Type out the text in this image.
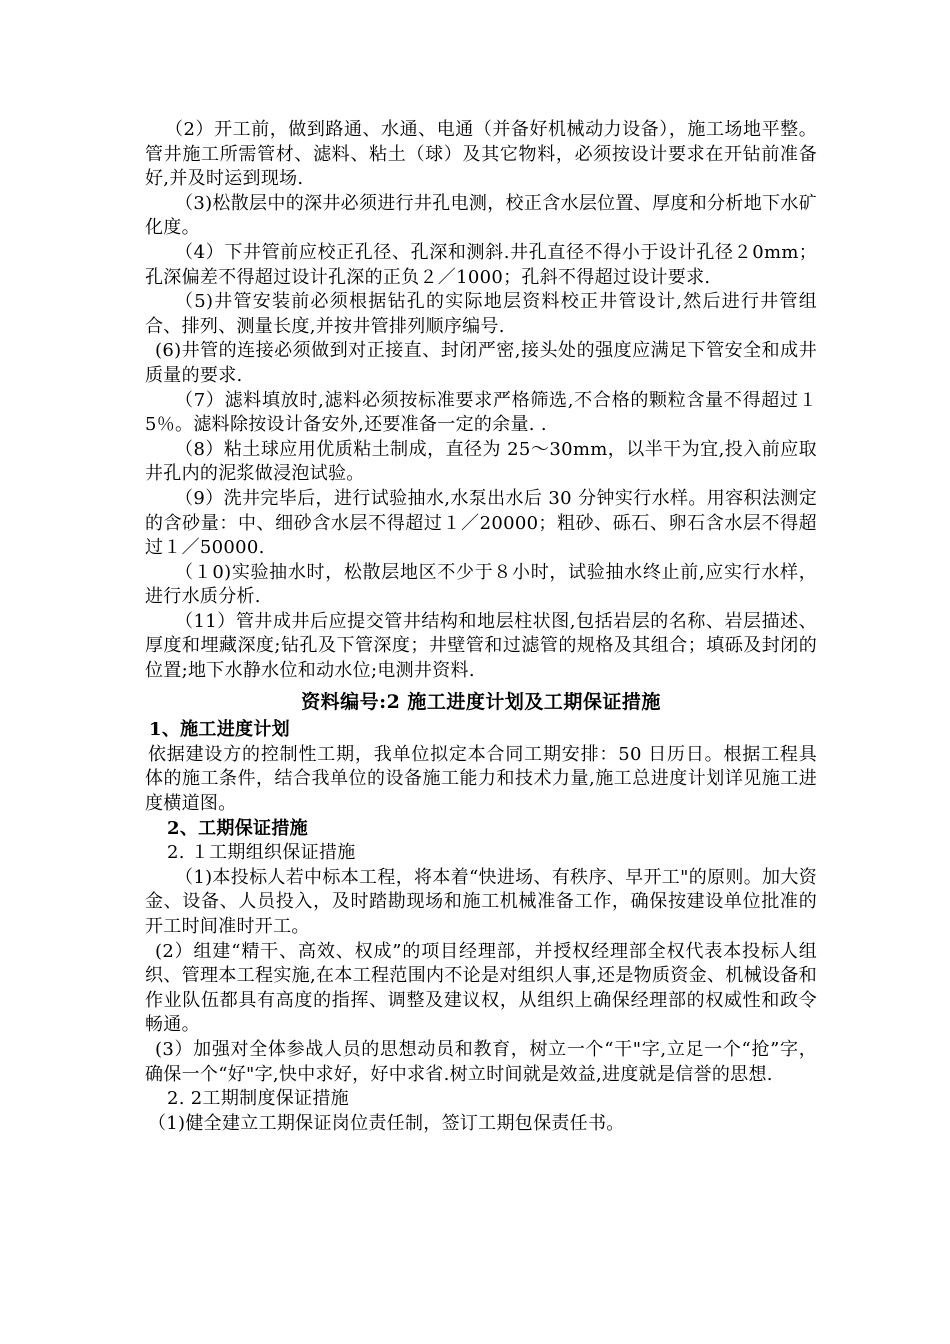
（2）开工前，做到路通、水通、电通（并备好机械动力设备），施工场地平整。管井施工所需管材、滤料、粘土（球）及其它物料，必须按设计要求在开钻前准备好,并及时运到现场.

（3)松散层中的深井必须进行井孔电测，校正含水层位置、厚度和分析地下水矿化度。

（4）下井管前应校正孔径、孔深和测斜.井孔直径不得小于设计孔径２0mm；孔深偏差不得超过设计孔深的正负２／1000；孔斜不得超过设计要求.

（5)井管安装前必须根据钻孔的实际地层资料校正井管设计,然后进行井管组合、排列、测量长度,并按井管排列顺序编号.

(6)井管的连接必须做到对正接直、封闭严密,接头处的强度应满足下管安全和成井质量的要求.

（7）滤料填放时,滤料必须按标准要求严格筛选,不合格的颗粒含量不得超过１5％。滤料除按设计备安外,还要准备一定的余量. .

（8）粘土球应用优质粘土制成，直径为 25～30mm，以半干为宜,投入前应取井孔内的泥浆做浸泡试验。

（9）洗井完毕后，进行试验抽水,水泵出水后 30 分钟实行水样。用容积法测定的含砂量：中、细砂含水层不得超过１／20000；粗砂、砾石、卵石含水层不得超过１／50000.

（１0)实验抽水时，松散层地区不少于８小时，试验抽水终止前,应实行水样，进行水质分析.

（11）管井成井后应提交管井结构和地层柱状图,包括岩层的名称、岩层描述、厚度和埋藏深度;钻孔及下管深度；井壁管和过滤管的规格及其组合；填砾及封闭的位置;地下水静水位和动水位;电测井资料.

资料编号:2 施工进度计划及工期保证措施

1、施工进度计划

依据建设方的控制性工期，我单位拟定本合同工期安排：50 日历日。根据工程具体的施工条件，结合我单位的设备施工能力和技术力量,施工总进度计划详见施工进度横道图。

2、工期保证措施

2. １工期组织保证措施

（1)本投标人若中标本工程，将本着“快进场、有秩序、早开工"的原则。加大资金、设备、人员投入，及时踏勘现场和施工机械准备工作，确保按建设单位批准的开工时间准时开工。

(2）组建“精干、高效、权成”的项目经理部，并授权经理部全权代表本投标人组织、管理本工程实施,在本工程范围内不论是对组织人事,还是物质资金、机械设备和作业队伍都具有高度的指挥、调整及建议权，从组织上确保经理部的权威性和政令畅通。

(3）加强对全体参战人员的思想动员和教育，树立一个“干"字,立足一个“抢”字，确保一个“好"字,快中求好，好中求省.树立时间就是效益,进度就是信誉的思想.

2. 2工期制度保证措施

（1)健全建立工期保证岗位责任制，签订工期包保责任书。
